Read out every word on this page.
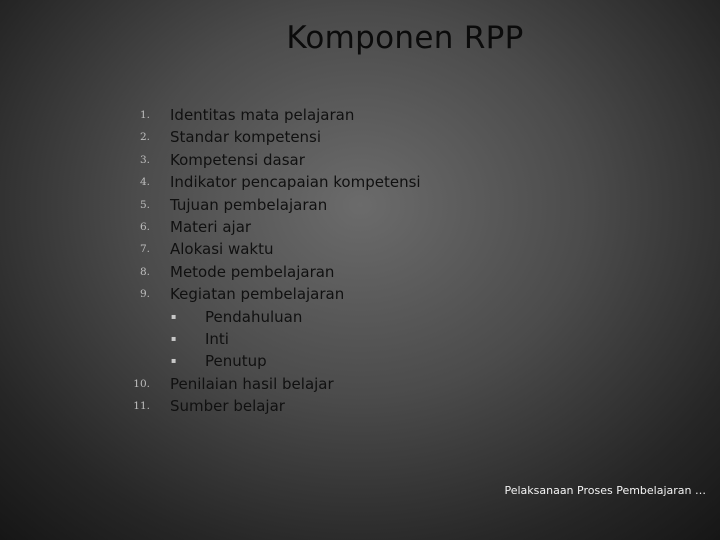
Komponen RPP
1. Identitas mata pelajaran
2. Standar kompetensi
3. Kompetensi dasar
4. Indikator pencapaian kompetensi
5. Tujuan pembelajaran
6. Materi ajar
7. Alokasi waktu
8. Metode pembelajaran
9. Kegiatan pembelajaran
▪ Pendahuluan
▪ Inti
▪ Penutup
10. Penilaian hasil belajar
11. Sumber belajar
Pelaksanaan Proses Pembelajaran …
